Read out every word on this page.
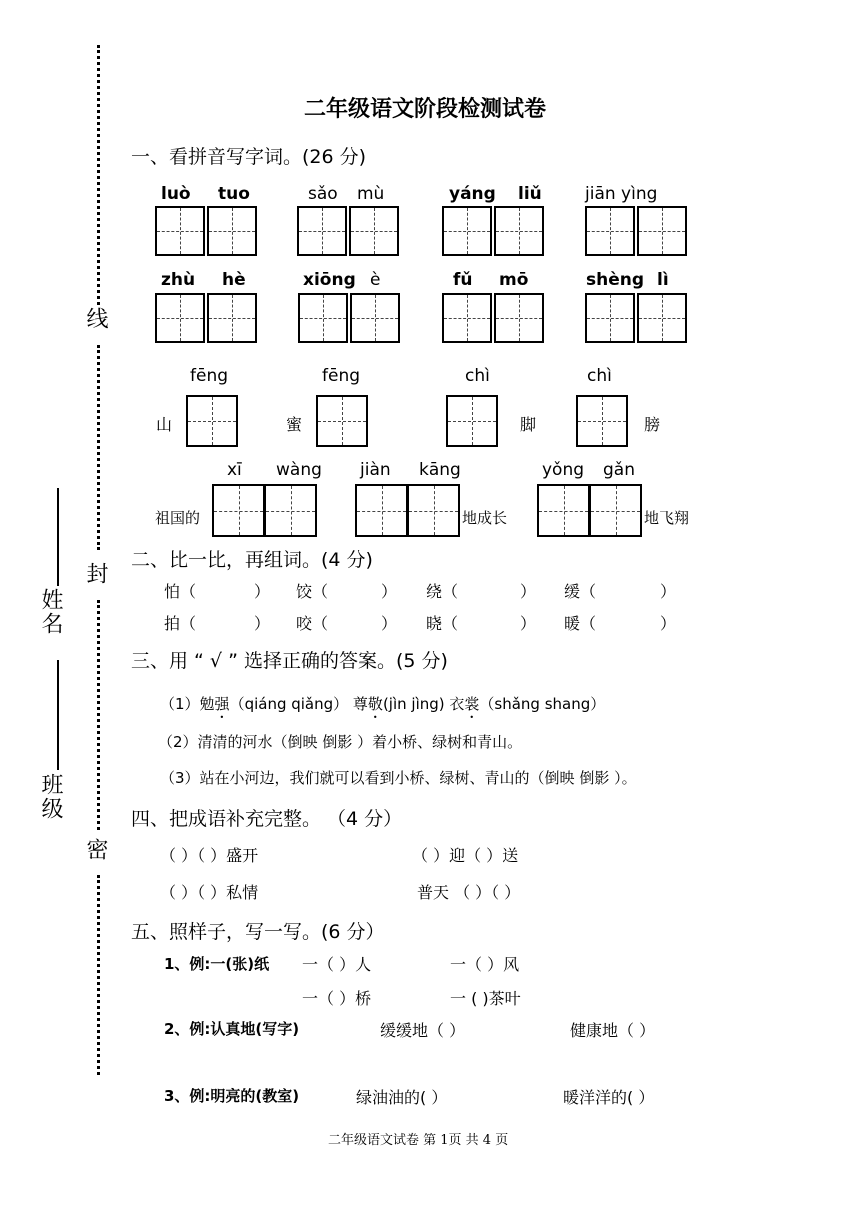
线
封
密
姓名
班级
二年级语文阶段检测试卷
一、看拼音写字词。(26 分)
luò tuo	sǎo mù	yáng liǔ	jiān yìng
zhù hè	xiōng è	fǔ mō	shèng lì
fēng	fēng	chì	chì
山	蜜	脚	膀
xī wàng jiàn kāng	yǒng gǎn
祖国的	地成长	地飞翔
二、比一比，再组词。(4 分)
怕（	） 饺（	） 绕（	） 缓（	）
拍（	） 咬（	） 晓（	） 暖（	）
三、用 “ √ ” 选择正确的答案。(5 分)
（1）勉强（qiáng qiǎng） 尊敬(jìn jìng) 衣裳（shǎng shang）
（2）清清的河水（倒映 倒影 ）着小桥、绿树和青山。
（3）站在小河边，我们就可以看到小桥、绿树、青山的（倒映 倒影 ）。
四、把成语补充完整。 （4 分）
（ ）（ ）盛开	（ ）迎（ ）送
（ ）（ ）私情	普天 （ ）（ ）
五、照样子，写一写。(6 分）
1、例:一(张)纸 一（ ）人	一（ ）风
一（ ）桥	一 ( )茶叶
2、例:认真地(写字)	缓缓地（ ）	健康地（ ）
3、例:明亮的(教室)	绿油油的( ）	暖洋洋的( ）
二年级语文试卷 第 1页 共 4 页
